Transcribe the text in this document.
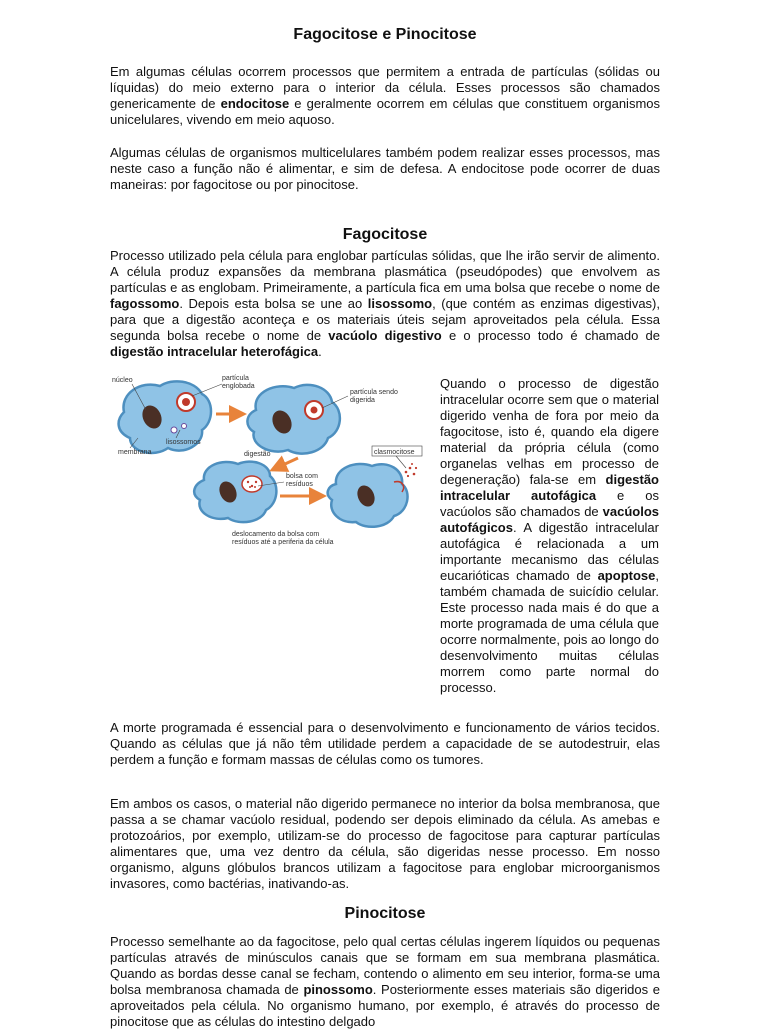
Fagocitose e Pinocitose

Em algumas células ocorrem processos que permitem a entrada de partículas (sólidas ou líquidas) do meio externo para o interior da célula. Esses processos são chamados genericamente de endocitose e geralmente ocorrem em células que constituem organismos unicelulares, vivendo em meio aquoso.

Algumas células de organismos multicelulares também podem realizar esses processos, mas neste caso a função não é alimentar, e sim de defesa. A endocitose pode ocorrer de duas maneiras: por fagocitose ou por pinocitose.

Fagocitose

Processo utilizado pela célula para englobar partículas sólidas, que lhe irão servir de alimento. A célula produz expansões da membrana plasmática (pseudópodes) que envolvem as partículas e as englobam. Primeiramente, a partícula fica em uma bolsa que recebe o nome de fagossomo. Depois esta bolsa se une ao lisossomo, (que contém as enzimas digestivas), para que a digestão aconteça e os materiais úteis sejam aproveitados pela célula. Essa segunda bolsa recebe o nome de vacúolo digestivo e o processo todo é chamado de digestão intracelular heterofágica.

núcleo	partícula
englobada
partícula sendo
digerida
lisossomos
membrana	digestão	clasmocitose
bolsa com
resíduos
deslocamento da bolsa com
resíduos até a periferia da célula

Quando o processo de digestão intracelular ocorre sem que o material digerido venha de fora por meio da fagocitose, isto é, quando ela digere material da própria célula (como organelas velhas em processo de degeneração) fala-se em digestão intracelular autofágica e os vacúolos são chamados de vacúolos autofágicos. A digestão intracelular autofágica é relacionada a um importante mecanismo das células eucarióticas chamado de apoptose, também chamada de suicídio celular. Este processo nada mais é do que a morte programada de uma célula que ocorre normalmente, pois ao longo do desenvolvimento muitas células morrem como parte normal do processo.

A morte programada é essencial para o desenvolvimento e funcionamento de vários tecidos. Quando as células que já não têm utilidade perdem a capacidade de se autodestruir, elas perdem a função e formam massas de células como os tumores.

Em ambos os casos, o material não digerido permanece no interior da bolsa membranosa, que passa a se chamar vacúolo residual, podendo ser depois eliminado da célula. As amebas e protozoários, por exemplo, utilizam-se do processo de fagocitose para capturar partículas alimentares que, uma vez dentro da célula, são digeridas nesse processo. Em nosso organismo, alguns glóbulos brancos utilizam a fagocitose para englobar microorganismos invasores, como bactérias, inativando-as.

Pinocitose

Processo semelhante ao da fagocitose, pelo qual certas células ingerem líquidos ou pequenas partículas através de minúsculos canais que se formam em sua membrana plasmática. Quando as bordas desse canal se fecham, contendo o alimento em seu interior, forma-se uma bolsa membranosa chamada de pinossomo. Posteriormente esses materiais são digeridos e aproveitados pela célula. No organismo humano, por exemplo, é através do processo de pinocitose que as células do intestino delgado
